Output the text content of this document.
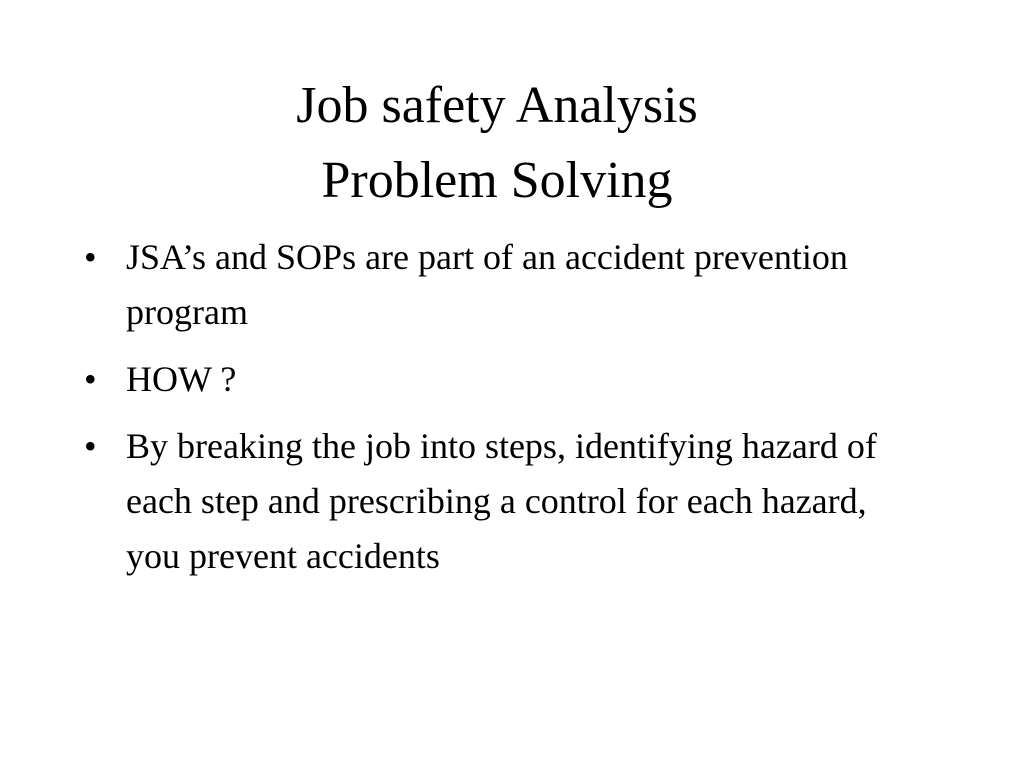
Job safety Analysis
Problem Solving
• JSA’s and SOPs are part of an accident prevention program
• HOW ?
• By breaking the job into steps, identifying hazard of each step and prescribing a control for each hazard, you prevent accidents
